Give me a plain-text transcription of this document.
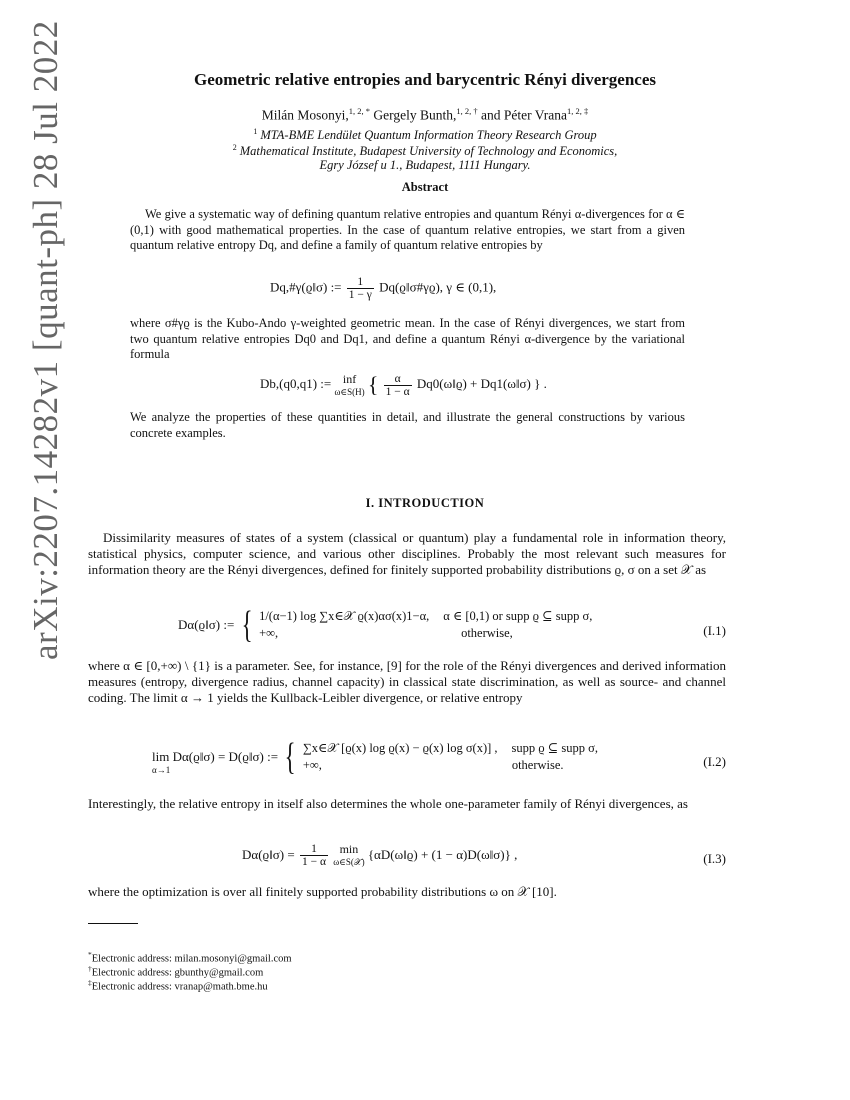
arXiv:2207.14282v1 [quant-ph] 28 Jul 2022	Geometric relative entropies and barycentric Rényi divergences
Milán Mosonyi,$^{1, 2, *}$ Gergely Bunth,$^{1, 2, \dagger}$ and Péter Vrana$^{1, 2, \ddagger}$
$^1$ MTA-BME Lendület Quantum Information Theory Research Group
$^2$ Mathematical Institute, Budapest University of Technology and Economics,
Egry József u 1., Budapest, 1111 Hungary.
Abstract
We give a systematic way of defining quantum relative entropies and quantum Rényi α-divergences for α ∈ (0,1) with good mathematical properties. In the case of quantum relative entropies, we start from a given quantum relative entropy Dq, and define a family of quantum relative entropies by
Dq,#γ(ϱ‖σ) := $\frac{1}{1 - \gamma}$ Dq(ϱ‖σ#γϱ), γ ∈ (0,1),
where σ#γϱ is the Kubo-Ando γ-weighted geometric mean. In the case of Rényi divergences, we start from two quantum relative entropies Dq0 and Dq1, and define a quantum Rényi α-divergence by the variational formula
Db,(q0,q1) := inf
ω∈S(H) { $\frac{\alpha}{1 - \alpha}$ Dq0(ω‖ϱ) + Dq1(ω‖σ) } .
We analyze the properties of these quantities in detail, and illustrate the general constructions by various concrete examples.
I. INTRODUCTION
Dissimilarity measures of states of a system (classical or quantum) play a fundamental role in information theory, statistical physics, computer science, and various other disciplines. Probably the most relevant such measures for information theory are the Rényi divergences, defined for finitely supported probability distributions ϱ, σ on a set 𝒳 as
Dα(ϱ‖σ) := { 1/(α−1) log ∑x∈𝒳 ϱ(x)ασ(x)1−α, α ∈ [0,1) or supp ϱ ⊆ supp σ,
+∞,	otherwise,	(I.1)
where α ∈ [0,+∞) \ {1} is a parameter. See, for instance, [9] for the role of the Rényi divergences and derived information measures (entropy, divergence radius, channel capacity) in classical state discrimination, as well as source- and channel coding. The limit α → 1 yields the Kullback-Leibler divergence, or relative entropy
lim Dα(ϱ‖σ) = D(ϱ‖σ) :=
α→1	{ ∑x∈𝒳 [ϱ(x) log ϱ(x) − ϱ(x) log σ(x)] , supp ϱ ⊆ supp σ,
+∞,	otherwise.	(I.2)
Interestingly, the relative entropy in itself also determines the whole one-parameter family of Rényi divergences, as
Dα(ϱ‖σ) = $\frac{1}{1 - \alpha}$
min
ω∈S(𝒳) {αD(ω‖ϱ) + (1 − α)D(ω‖σ)} ,	(I.3)
where the optimization is over all finitely supported probability distributions ω on 𝒳 [10].
*Electronic address: milan.mosonyi@gmail.com
†Electronic address: gbunthy@gmail.com
‡Electronic address: vranap@math.bme.hu
